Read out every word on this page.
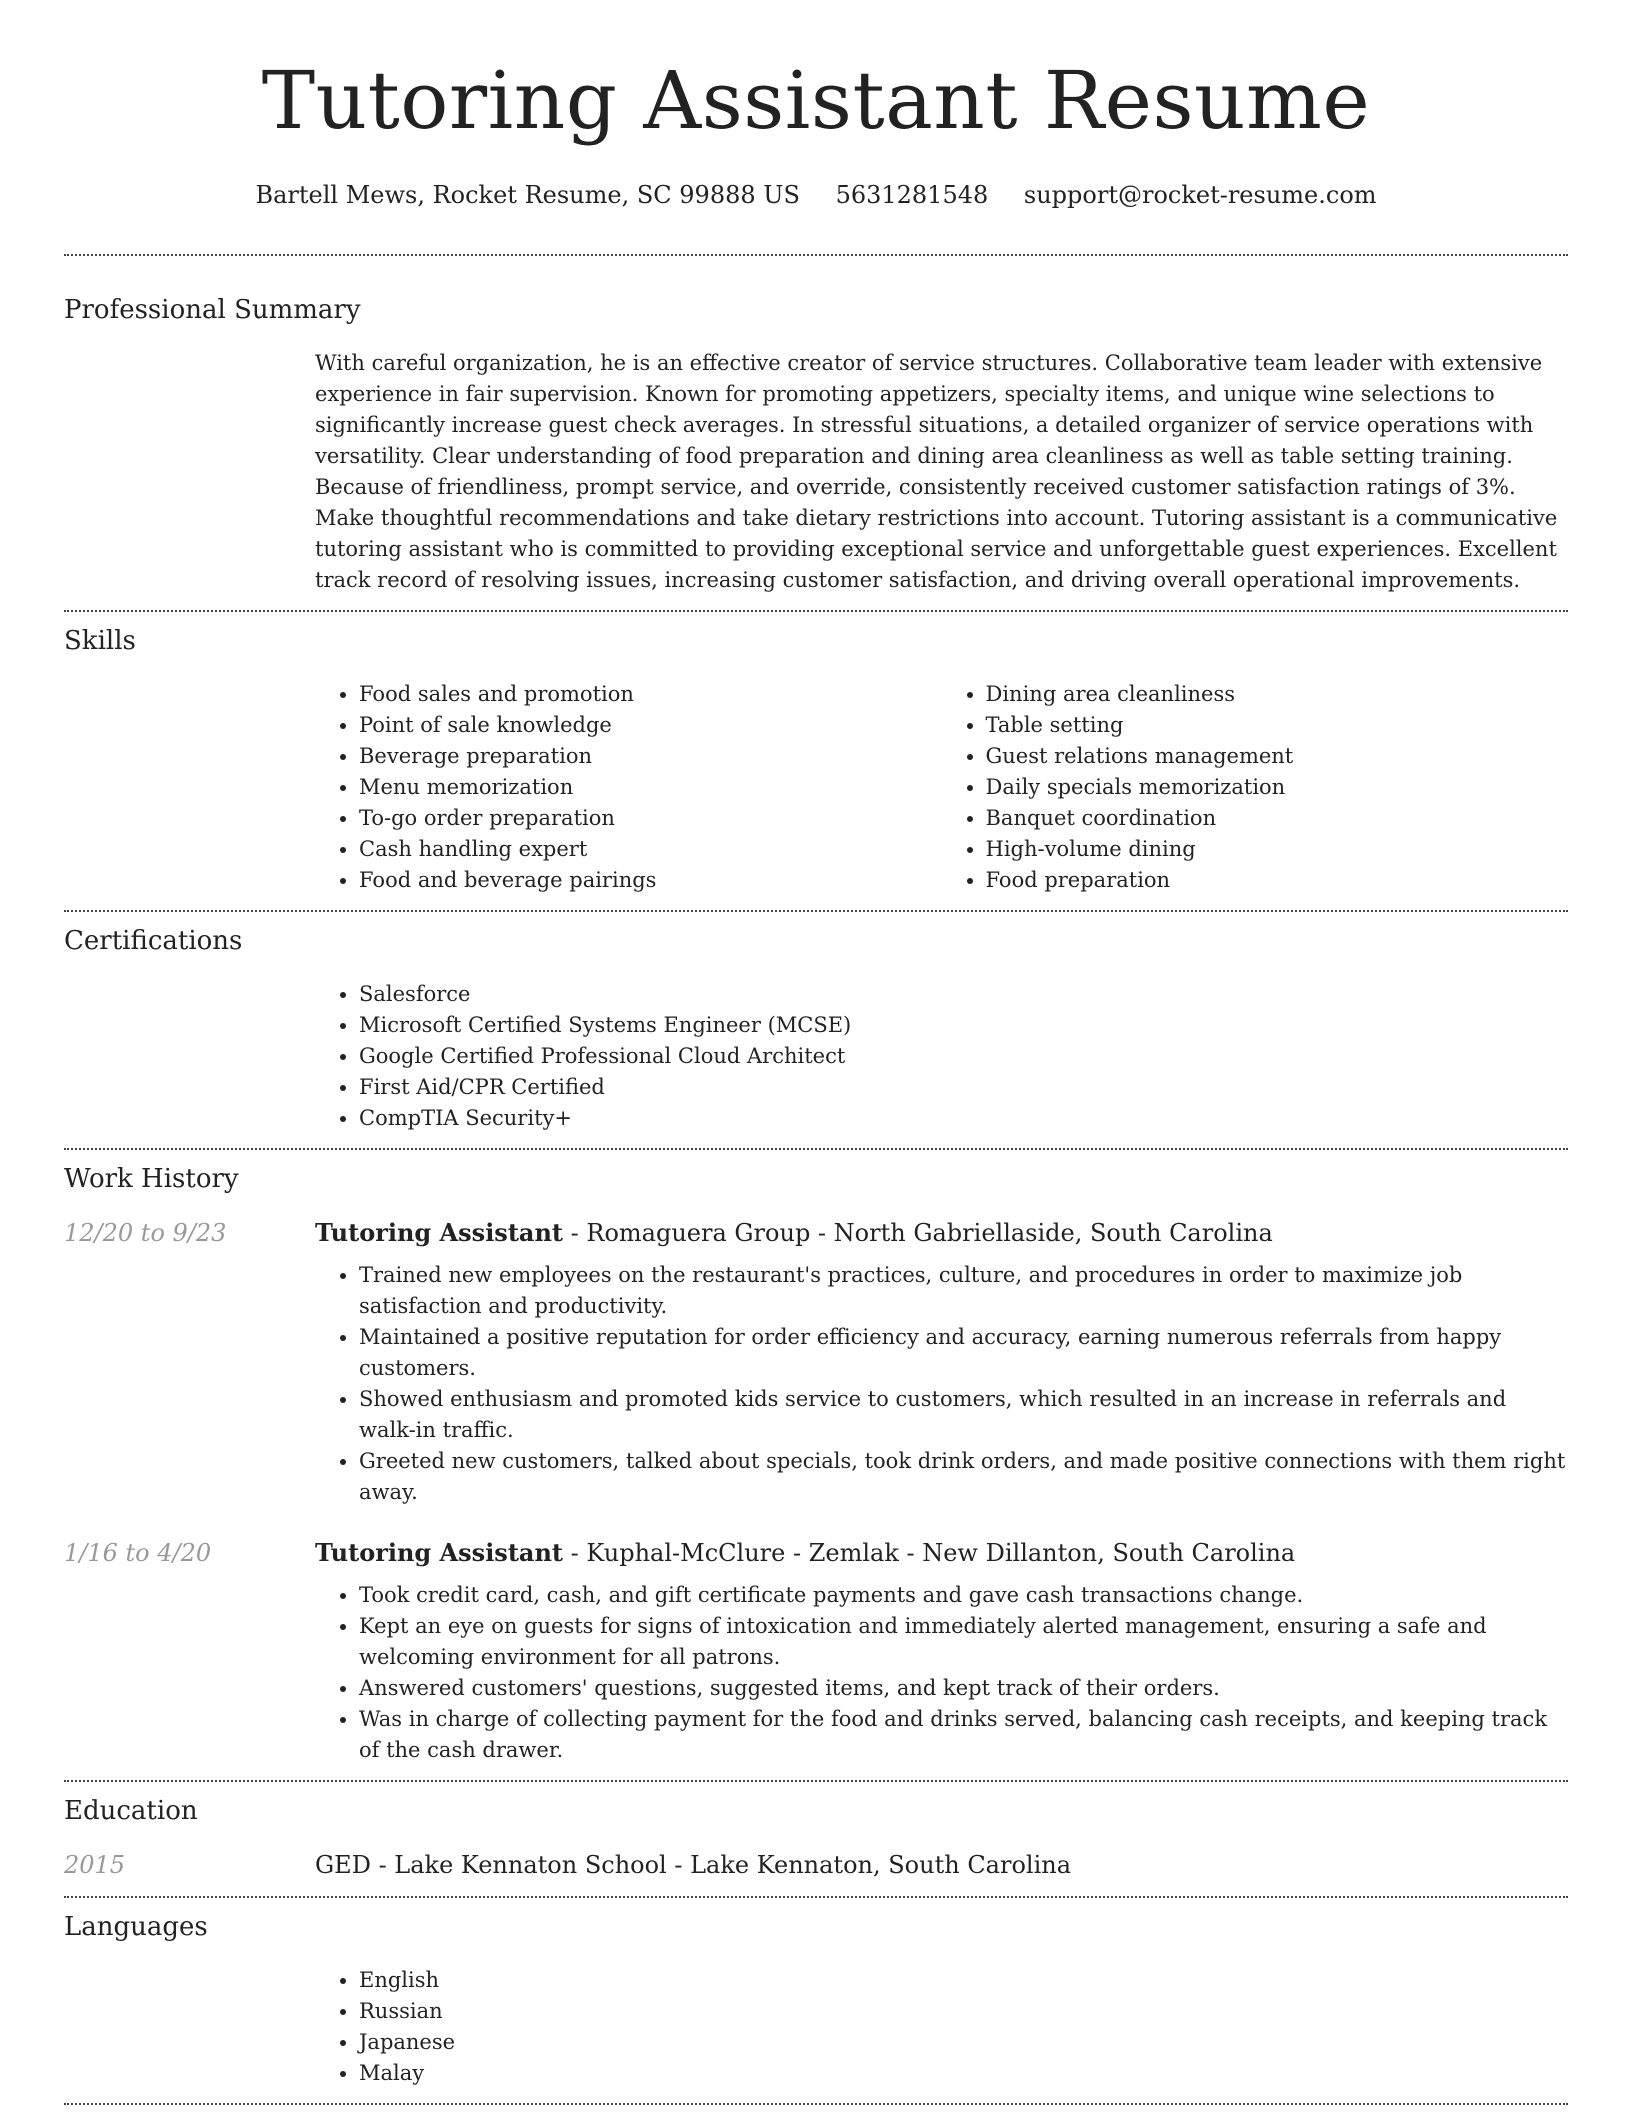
Tutoring Assistant Resume
Bartell Mews, Rocket Resume, SC 99888 US 5631281548 support@rocket-resume.com
Professional Summary

With careful organization, he is an effective creator of service structures. Collaborative team leader with extensive experience in fair supervision. Known for promoting appetizers, specialty items, and unique wine selections to significantly increase guest check averages. In stressful situations, a detailed organizer of service operations with versatility. Clear understanding of food preparation and dining area cleanliness as well as table setting training. Because of friendliness, prompt service, and override, consistently received customer satisfaction ratings of 3%. Make thoughtful recommendations and take dietary restrictions into account. Tutoring assistant is a communicative tutoring assistant who is committed to providing exceptional service and unforgettable guest experiences. Excellent track record of resolving issues, increasing customer satisfaction, and driving overall operational improvements.

Skills
• Food sales and promotion
• Point of sale knowledge
• Beverage preparation
• Menu memorization
• To-go order preparation
• Cash handling expert
• Food and beverage pairings
• Dining area cleanliness
• Table setting
• Guest relations management
• Daily specials memorization
• Banquet coordination
• High-volume dining
• Food preparation
Certifications
• Salesforce
• Microsoft Certified Systems Engineer (MCSE)
• Google Certified Professional Cloud Architect
• First Aid/CPR Certified
• CompTIA Security+
Work History
12/20 to 9/23	Tutoring Assistant - Romaguera Group - North Gabriellaside, South Carolina
• Trained new employees on the restaurant's practices, culture, and procedures in order to maximize job satisfaction and productivity.
• Maintained a positive reputation for order efficiency and accuracy, earning numerous referrals from happy customers.
• Showed enthusiasm and promoted kids service to customers, which resulted in an increase in referrals and walk-in traffic.
• Greeted new customers, talked about specials, took drink orders, and made positive connections with them right away.
1/16 to 4/20	Tutoring Assistant - Kuphal-McClure - Zemlak - New Dillanton, South Carolina
• Took credit card, cash, and gift certificate payments and gave cash transactions change.
• Kept an eye on guests for signs of intoxication and immediately alerted management, ensuring a safe and welcoming environment for all patrons.
• Answered customers' questions, suggested items, and kept track of their orders.
• Was in charge of collecting payment for the food and drinks served, balancing cash receipts, and keeping track of the cash drawer.
Education
2015	GED - Lake Kennaton School - Lake Kennaton, South Carolina
Languages
• English
• Russian
• Japanese
• Malay
